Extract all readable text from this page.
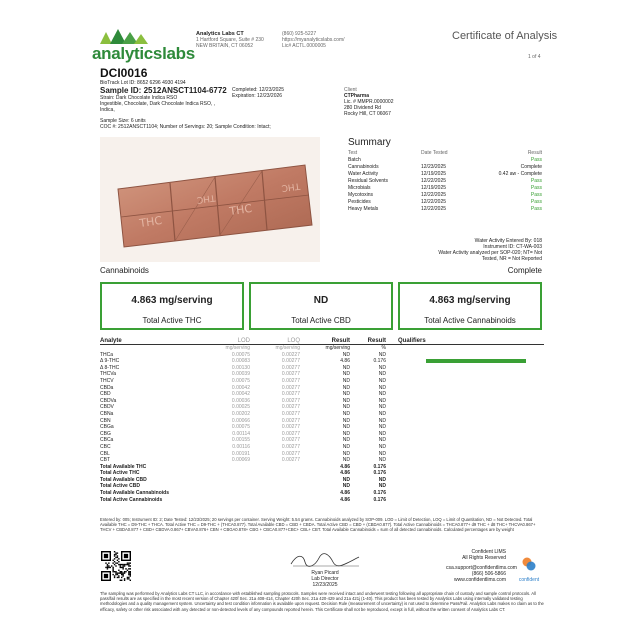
analyticslabs
Analytics Labs CT
1 Hartford Square, Suite # 230
NEW BRITAIN, CT 06052
(860) 925-5227
https://myanalyticslabs.com/
Lic# ACTL.0000005
Certificate of Analysis
1 of 4
DCI0016
BioTrack Lot ID: 8652 6296 4930 4194
Sample ID: 2512ANSCT1104-6772
Strain: Dark Chocolate Indica RSO
Ingestible, Chocolate, Dark Chocolate Indica RSO, ,
Indica,
Sample Size: 6 units
COC #: 2512ANSCT1104; Number of Servings: 20; Sample Condition: Intact;
Completed: 12/23/2025
Expiration: 12/23/2026
Client
CTPharma
Lic. # MMPR.0000002
280 Dividend Rd
Rocky Hill, CT 06067
THC
THC
THC
THC
Summary
Test	Date Tested	Result
Batch	Pass
Cannabinoids	12/23/2025	Complete
Water Activity	12/19/2025	0.42 aw - Complete
Residual Solvents	12/22/2025	Pass
Microbials	12/19/2025	Pass
Mycotoxins	12/22/2025	Pass
Pesticides	12/22/2025	Pass
Heavy Metals	12/22/2025	Pass
Water Activity Entered By: 018
Instrument ID: CT-WA-003
Water Activity analyzed per SOP-020; NT= Not
Tested, NR = Not Reported
Cannabinoids	Complete
4.863 mg/serving
Total Active THC
ND
Total Active CBD
4.863 mg/serving
Total Active Cannabinoids
Analyte	LOD	LOQ	Result	Result	Qualifiers
mg/serving	mg/serving	mg/serving	%
THCa	0.00075	0.00227	ND	ND
Δ 9-THC	0.00083	0.00277	4.86	0.176
Δ 8-THC	0.00130	0.00277	ND	ND
THCVa	0.00039	0.00277	ND	ND
THCV	0.00075	0.00277	ND	ND
CBDa	0.00042	0.00277	ND	ND
CBD	0.00042	0.00277	ND	ND
CBDVa	0.00036	0.00277	ND	ND
CBDV	0.00025	0.00277	ND	ND
CBNa	0.00202	0.00277	ND	ND
CBN	0.00066	0.00277	ND	ND
CBGa	0.00075	0.00277	ND	ND
CBG	0.00114	0.00277	ND	ND
CBCa	0.00155	0.00277	ND	ND
CBC	0.00116	0.00277	ND	ND
CBL	0.00191	0.00277	ND	ND
CBT	0.00069	0.00277	ND	ND
Total Available THC	4.86	0.176
Total Active THC	4.86	0.176
Total Available CBD	ND	ND
Total Active CBD	ND	ND
Total Available Cannabinoids	4.86	0.176
Total Active Cannabinoids	4.86	0.176
Entered by: 005; Instrument ID: 2; Date Tested: 12/23/2025; 20 servings per container. Serving Weight: 5.54 grams. Cannabinoids analyzed by SOP-009. LOD = Limit of Detection, LOQ = Limit of Quantitation, ND = Not Detected. Total Available THC = D9-THC + THCA. Total Active THC = D9-THC + (THCA0.877). Total Available CBD = CBD + CBDA. Total Active CBD = CBD + (CBDA0.877). Total Active Cannabinoids = THCA0.877+ d9 THC + d8 THC+ THCVA0.867+ THCV + CBDA0.877 + CBD+ CBDVA 0.867+ CBVA0.876+ CBN + CBGA0.878+ CBG + CBCA0.877+CBC+ CBL+ CBT. Total Available Cannabinoids = sum of all detected cannabinoids. Calculated percentages are by weight
Ryan Picard
Lab Director
12/23/2025
Confident LIMS
All Rights Reserved
csa.support@confidentlims.com
(866) 506-5866
www.confidentlims.com	confident
The sampling was performed by Analytics Labs CT LLC, in accordance with established sampling protocols. Samples were received intact and underwent testing following all appropriate chain of custody and sample control protocols. All pass/fail results are as specified in the most recent version of Chapter 420f Sec. 21a 408-414, Chapter 420h Sec. 21a 420-429 and 21a 421j (1-40). This product has been tested by Analytics Labs using internally validated testing methodologies and a quality management system. Uncertainty and test condition information is available upon request. Decision Rule (measurement of uncertainty) is not used to determine Pass/Fail. Analytics Labs makes no claim as to the efficacy, safety or other risk associated with any detected or non-detected levels of any compounds reported herein. This Certificate shall not be reproduced, except in full, without the written consent of Analytics Labs CT.
